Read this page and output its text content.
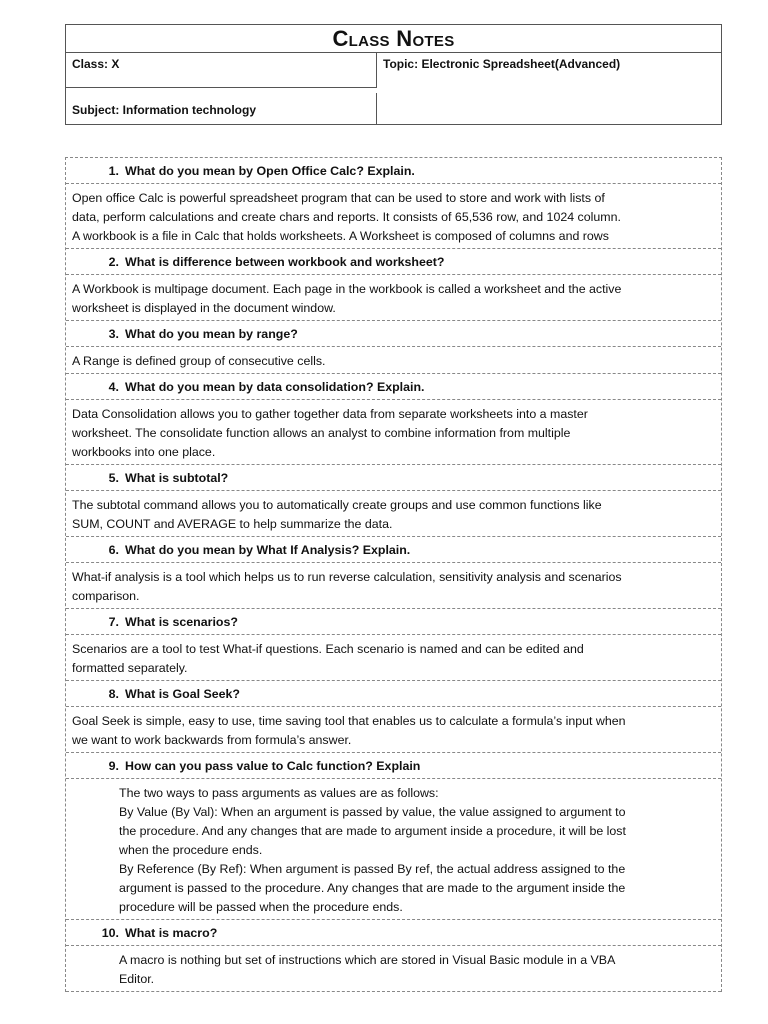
Class Notes
Class: X	Topic: Electronic Spreadsheet(Advanced)
Subject: Information technology
1. What do you mean by Open Office Calc? Explain.
Open office Calc is powerful spreadsheet program that can be used to store and work with lists of
data, perform calculations and create chars and reports. It consists of 65,536 row, and 1024 column.
A workbook is a file in Calc that holds worksheets. A Worksheet is composed of columns and rows
2. What is difference between workbook and worksheet?
A Workbook is multipage document. Each page in the workbook is called a worksheet and the active
worksheet is displayed in the document window.
3. What do you mean by range?
A Range is defined group of consecutive cells.
4. What do you mean by data consolidation? Explain.
Data Consolidation allows you to gather together data from separate worksheets into a master
worksheet. The consolidate function allows an analyst to combine information from multiple
workbooks into one place.
5. What is subtotal?
The subtotal command allows you to automatically create groups and use common functions like
SUM, COUNT and AVERAGE to help summarize the data.
6. What do you mean by What If Analysis? Explain.
What-if analysis is a tool which helps us to run reverse calculation, sensitivity analysis and scenarios
comparison.
7. What is scenarios?
Scenarios are a tool to test What-if questions. Each scenario is named and can be edited and
formatted separately.
8. What is Goal Seek?
Goal Seek is simple, easy to use, time saving tool that enables us to calculate a formula’s input when
we want to work backwards from formula’s answer.
9. How can you pass value to Calc function? Explain
The two ways to pass arguments as values are as follows:
By Value (By Val): When an argument is passed by value, the value assigned to argument to
the procedure. And any changes that are made to argument inside a procedure, it will be lost
when the procedure ends.
By Reference (By Ref): When argument is passed By ref, the actual address assigned to the
argument is passed to the procedure. Any changes that are made to the argument inside the
procedure will be passed when the procedure ends.
10. What is macro?
A macro is nothing but set of instructions which are stored in Visual Basic module in a VBA
Editor.
